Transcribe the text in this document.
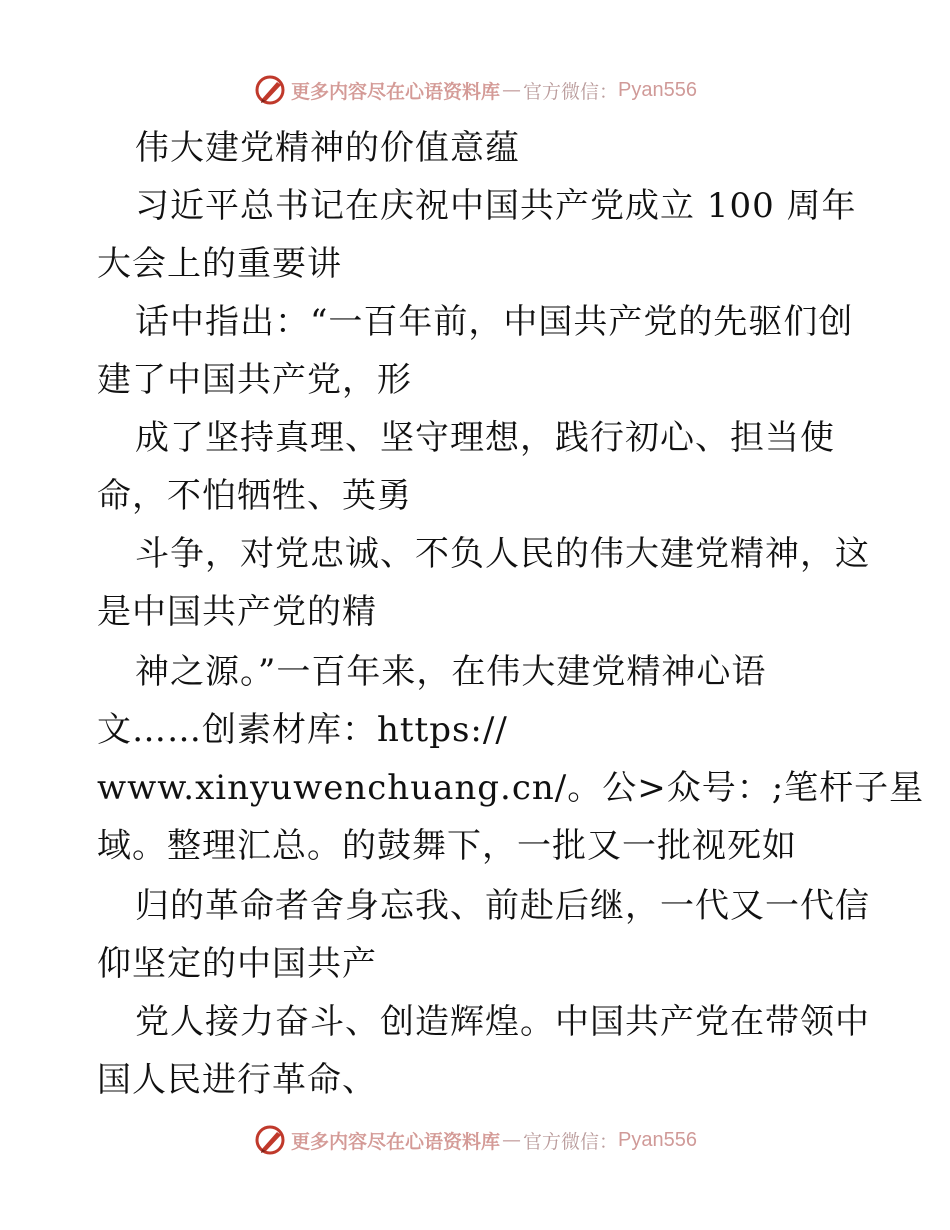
更多内容尽在心语资料库 — 官方微信： Pyan556
伟大建党精神的价值意蕴
习近平总书记在庆祝中国共产党成立 100 周年
大会上的重要讲
话中指出：“一百年前，中国共产党的先驱们创
建了中国共产党，形
成了坚持真理、坚守理想，践行初心、担当使
命，不怕牺牲、英勇
斗争，对党忠诚、不负人民的伟大建党精神，这
是中国共产党的精
神之源。”一百年来，在伟大建党精神心语
文……创素材库：https://
www.xinyuwenchuang.cn/。公>众号：;笔杆子星
域。整理汇总。的鼓舞下，一批又一批视死如
归的革命者舍身忘我、前赴后继，一代又一代信
仰坚定的中国共产
党人接力奋斗、创造辉煌。中国共产党在带领中
国人民进行革命、
更多内容尽在心语资料库 — 官方微信： Pyan556
